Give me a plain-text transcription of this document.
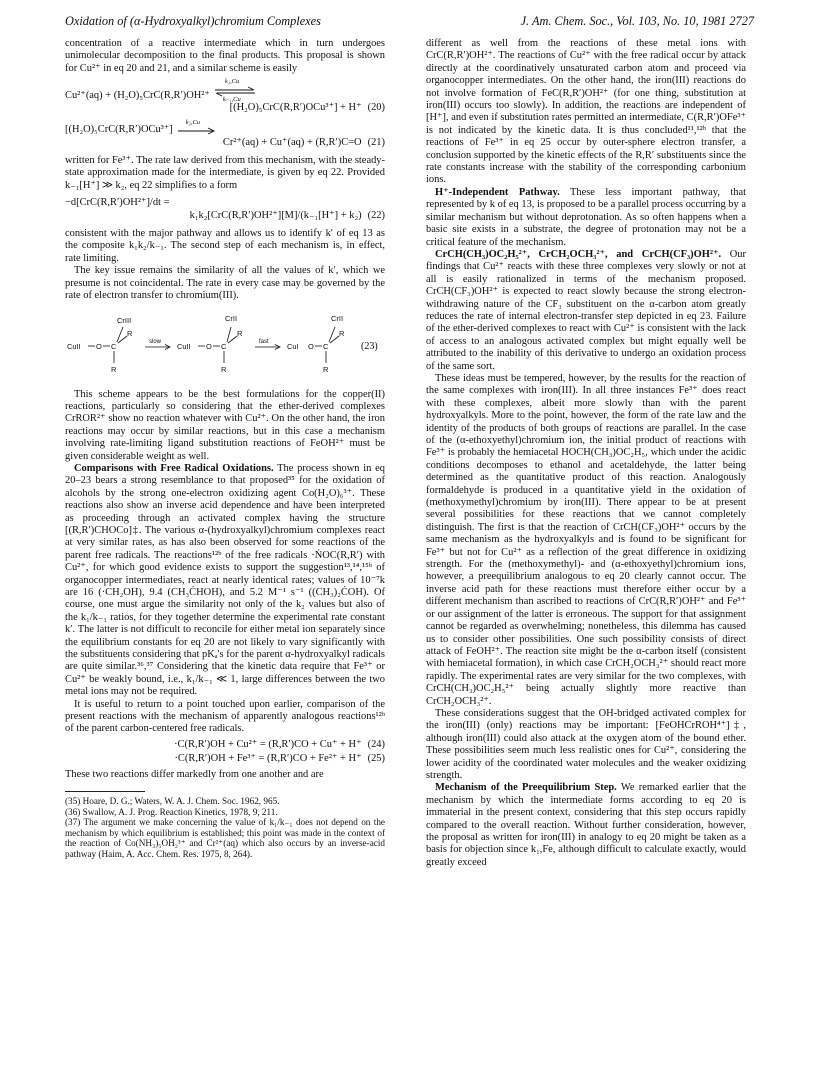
Oxidation of (α-Hydroxyalkyl)chromium Complexes	J. Am. Chem. Soc., Vol. 103, No. 10, 1981 2727

concentration of a reactive intermediate which in turn undergoes unimolecular decomposition to the final products. This proposal is shown for Cu²⁺ in eq 20 and 21, and a similar scheme is easily

Cu²⁺(aq) + (H₂O)₅CrC(R,R′)OH²⁺
k₁,Cu
k₋₁,Cu
[(H₂O)₅CrC(R,R′)OCu³⁺] + H⁺ (20)
[(H₂O)₅CrC(R,R′)OCu³⁺]
k₂,Cu
Cr²⁺(aq) + Cu⁺(aq) + (R,R′)C=O (21)

written for Fe³⁺. The rate law derived from this mechanism, with the steady-state approximation made for the intermediate, is given by eq 22. Provided k₋₁[H⁺] ≫ k₂, eq 22 simplifies to a form

−d[CrC(R,R′)OH²⁺]/dt =
k₁k₂[CrC(R,R′)OH²⁺][M]/(k₋₁[H⁺] + k₂) (22)

consistent with the major pathway and allows us to identify k′ of eq 13 as the composite k₁k₂/k₋₁. The second step of each mechanism is, in effect, rate limiting.

The key issue remains the similarity of all the values of k′, which we presume is not coincidental. The rate in every case may be governed by the rate of electron transfer to chromium(III).

CuII O C
CrIII
R
R
slow CuII O C
CrII
R
R
fast CuI O C
CrII
R
R
(23)

This scheme appears to be the best formulations for the copper(II) reactions, particularly so considering that the ether-derived complexes CrROR²⁺ show no reaction whatever with Cu²⁺. On the other hand, the iron reactions may occur by similar reactions, but in this case a mechanism involving rate-limiting ligand substitution reactions of FeOH²⁺ must be given considerable weight as well.

Comparisons with Free Radical Oxidations. The process shown in eq 20–23 bears a strong resemblance to that proposed³⁵ for the oxidation of alcohols by the strong one-electron oxidizing agent Co(H₂O)₆³⁺. These reactions also show an inverse acid dependence and have been interpreted as proceeding through an activated complex having the structure [(R,R′)CHOCo]‡. The various α-(hydroxyalkyl)chromium complexes react at very similar rates, as has also been observed for some reactions of the parent free radicals. The reactions¹²ᵇ of the free radicals ·ṄOC(R,R′) with Cu²⁺, for which good evidence exists to support the suggestion¹³,¹⁴,¹⁵ᵇ of organocopper intermediates, react at nearly identical rates; values of 10⁻⁷k are 16 (·CH₂OH), 9.4 (CH₃ĊHOH), and 5.2 M⁻¹ s⁻¹ ((CH₃)₂ĊOH). Of course, one must argue the similarity not only of the k₂ values but also of the k₁/k₋₁ ratios, for they together determine the experimental rate constant k′. The latter is not difficult to reconcile for either metal ion separately since the equilibrium constants for eq 20 are not likely to vary significantly with the substituents considering that pKₐ's for the parent α-hydroxyalkyl radicals are quite similar.³⁶,³⁷ Considering that the kinetic data require that Fe³⁺ or Cu²⁺ be weakly bound, i.e., k₁/k₋₁ ≪ 1, large differences between the two metal ions may not be required.

It is useful to return to a point touched upon earlier, comparison of the present reactions with the mechanism of apparently analogous reactions¹²ᵇ of the parent carbon-centered free radicals.

·C(R,R′)OH + Cu²⁺ = (R,R′)CO + Cu⁺ + H⁺ (24)
·C(R,R′)OH + Fe³⁺ = (R,R′)CO + Fe²⁺ + H⁺ (25)

These two reactions differ markedly from one another and are

(35) Hoare, D. G.; Waters, W. A. J. Chem. Soc. 1962, 965.

(36) Swallow, A. J. Prog. Reaction Kinetics, 1978, 9, 211.

(37) The argument we make concerning the value of k₁/k₋₁ does not depend on the mechanism by which equilibrium is established; this point was made in the context of the reaction of Co(NH₃)₅OH₂³⁺ and Cr²⁺(aq) which also occurs by an inverse-acid pathway (Haim, A. Acc. Chem. Res. 1975, 8, 264).

different as well from the reactions of these metal ions with CrC(R,R′)OH²⁺. The reactions of Cu²⁺ with the free radical occur by attack directly at the coordinatively unsaturated carbon atom and proceed via organocopper intermediates. On the other hand, the iron(III) reactions do not involve formation of FeC(R,R′)OH²⁺ (for one thing, substitution at iron(III) occurs too slowly). In addition, the reactions are independent of [H⁺], and even if substitution rates permitted an intermediate, C(R,R′)OFe³⁺ is not indicated by the kinetic data. It is thus concluded¹¹,¹²ᵇ that the reactions of Fe³⁺ in eq 25 occur by outer-sphere electron transfer, a conclusion supported by the kinetic effects of the R,R′ substituents since the rate constants increase with the stability of the corresponding carbonium ions.

H⁺-Independent Pathway. These less important pathway, that represented by k of eq 13, is proposed to be a parallel process occurring by a similar mechanism but without deprotonation. As so often happens when a basic site exists in a substrate, the degree of protonation may not be a critical feature of the mechanism.

CrCH(CH₃)OC₂H₅²⁺, CrCH₂OCH₃²⁺, and CrCH(CF₃)OH²⁺. Our findings that Cu²⁺ reacts with these three complexes very slowly or not at all is easily rationalized in terms of the mechanism proposed. CrCH(CF₃)OH²⁺ is expected to react slowly because the strong electron-withdrawing nature of the CF₃ substituent on the α-carbon atom greatly reduces the rate of internal electron-transfer step depicted in eq 23. Failure of the ether-derived complexes to react with Cu²⁺ is consistent with the lack of access to an analogous activated complex but might equally well be attributed to the inability of this derivative to undergo an oxidation process of the same sort.

These ideas must be tempered, however, by the results for the reaction of the same complexes with iron(III). In all three instances Fe³⁺ does react with these complexes, albeit more slowly than with the parent hydroxyalkyls. More to the point, however, the form of the rate law and the identity of the products of both groups of reactions are parallel. In the case of the (α-ethoxyethyl)chromium ion, the initial product of reactions with Fe³⁺ is probably the hemiacetal HOCH(CH₃)OC₂H₅, which under the acidic conditions decomposes to ethanol and acetaldehyde, the latter being determined as the quantitative product of this reaction. Analogously formaldehyde is produced in a quantitative yield in the oxidation of (methoxymethyl)chromium by iron(III). There appear to be at present several possibilities for these reactions that we cannot completely distinguish. The first is that the reaction of CrCH(CF₃)OH²⁺ occurs by the same mechanism as the hydroxyalkyls and is found to be significant for Fe³⁺ but not for Cu²⁺ as a reflection of the great difference in oxidizing strength. For the (methoxymethyl)- and (α-ethoxyethyl)chromium ions, however, a preequilibrium analogous to eq 20 clearly cannot occur. The inverse acid path for these reactions must therefore either occur by a different mechanism than ascribed to reactions of CrC(R,R′)OH²⁺ and Fe³⁺ or our assignment of the latter is erroneous. The support for that assignment cannot be regarded as overwhelming; nonetheless, this dilemma has caused us to consider other possibilities. One such possibility consists of direct attack of FeOH²⁺. The reaction site might be the α-carbon itself (consistent with hemiacetal formation), in which case CrCH₂OCH₃²⁺ should react more rapidly. The experimental rates are very similar for the two complexes, with CrCH(CH₃)OC₂H₅²⁺ being actually slightly more reactive than CrCH₂OCH₃²⁺.

These considerations suggest that the OH-bridged activated complex for the iron(III) (only) reactions may be important: [FeOHCrROH⁴⁺]‡, although iron(III) could also attack at the oxygen atom of the bound ether. These possibilities seem much less realistic ones for Cu²⁺, considering the lower acidity of the coordinated water molecules and the weaker oxidizing strength.

Mechanism of the Preequilibrium Step. We remarked earlier that the mechanism by which the intermediate forms according to eq 20 is immaterial in the present context, considering that this step occurs rapidly compared to the overall reaction. Without further consideration, however, the proposal as written for iron(III) in analogy to eq 20 might be taken as a basis for objection since k₁,Fe, although difficult to calculate exactly, would greatly exceed
